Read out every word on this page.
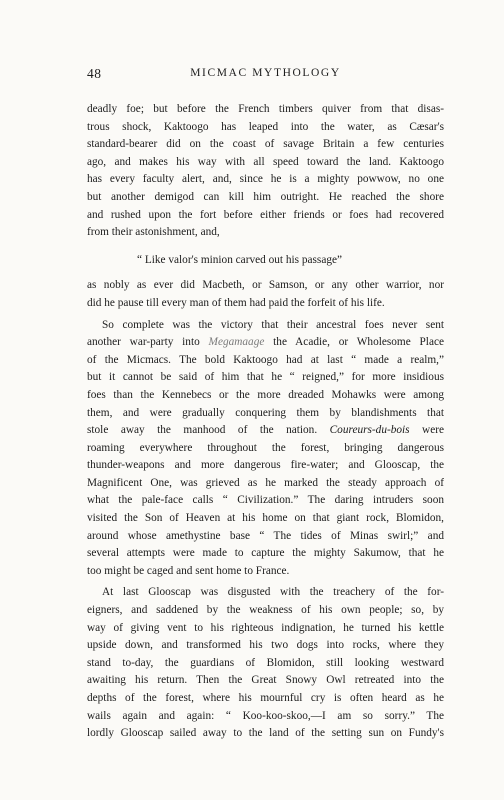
48	MICMAC MYTHOLOGY
deadly foe; but before the French timbers quiver from that disas-
trous shock, Kaktoogo has leaped into the water, as Cæsar's
standard-bearer did on the coast of savage Britain a few centuries
ago, and makes his way with all speed toward the land. Kaktoogo
has every faculty alert, and, since he is a mighty powwow, no one
but another demigod can kill him outright. He reached the shore
and rushed upon the fort before either friends or foes had recovered
from their astonishment, and,
“ Like valor's minion carved out his passage”
as nobly as ever did Macbeth, or Samson, or any other warrior, nor
did he pause till every man of them had paid the forfeit of his life.
So complete was the victory that their ancestral foes never sent
another war-party into Megamaage the Acadie, or Wholesome Place
of the Micmacs. The bold Kaktoogo had at last “ made a realm,”
but it cannot be said of him that he “ reigned,” for more insidious
foes than the Kennebecs or the more dreaded Mohawks were among
them, and were gradually conquering them by blandishments that
stole away the manhood of the nation. Coureurs-du-bois were
roaming everywhere throughout the forest, bringing dangerous
thunder-weapons and more dangerous fire-water; and Glooscap, the
Magnificent One, was grieved as he marked the steady approach of
what the pale-face calls “ Civilization.” The daring intruders soon
visited the Son of Heaven at his home on that giant rock, Blomidon,
around whose amethystine base “ The tides of Minas swirl;” and
several attempts were made to capture the mighty Sakumow, that he
too might be caged and sent home to France.
At last Glooscap was disgusted with the treachery of the for-
eigners, and saddened by the weakness of his own people; so, by
way of giving vent to his righteous indignation, he turned his kettle
upside down, and transformed his two dogs into rocks, where they
stand to-day, the guardians of Blomidon, still looking westward
awaiting his return. Then the Great Snowy Owl retreated into the
depths of the forest, where his mournful cry is often heard as he
wails again and again: “ Koo-koo-skoo,—I am so sorry.” The
lordly Glooscap sailed away to the land of the setting sun on Fundy's
